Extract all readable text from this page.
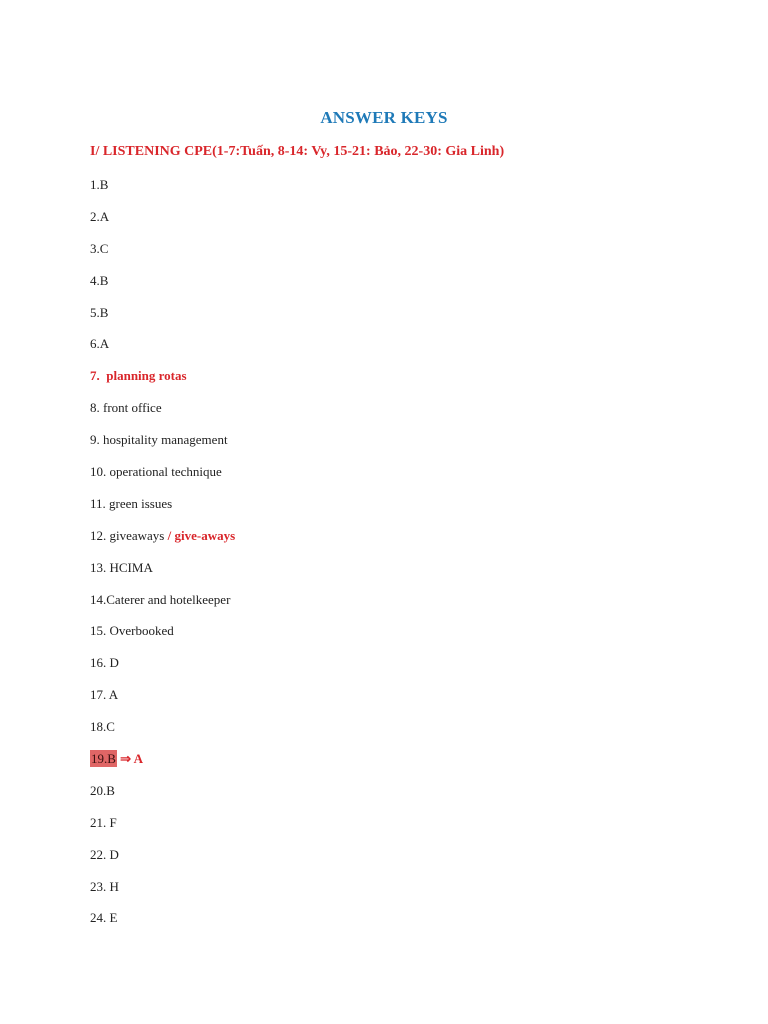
ANSWER KEYS
I/ LISTENING CPE(1-7:Tuấn, 8-14: Vy, 15-21: Bảo, 22-30: Gia Linh)
1.B
2.A
3.C
4.B
5.B
6.A
7. planning rotas
8. front office
9. hospitality management
10. operational technique
11. green issues
12. giveaways / give-aways
13. HCIMA
14.Caterer and hotelkeeper
15. Overbooked
16. D
17. A
18.C
19.B ⇒ A
20.B
21. F
22. D
23. H
24. E
